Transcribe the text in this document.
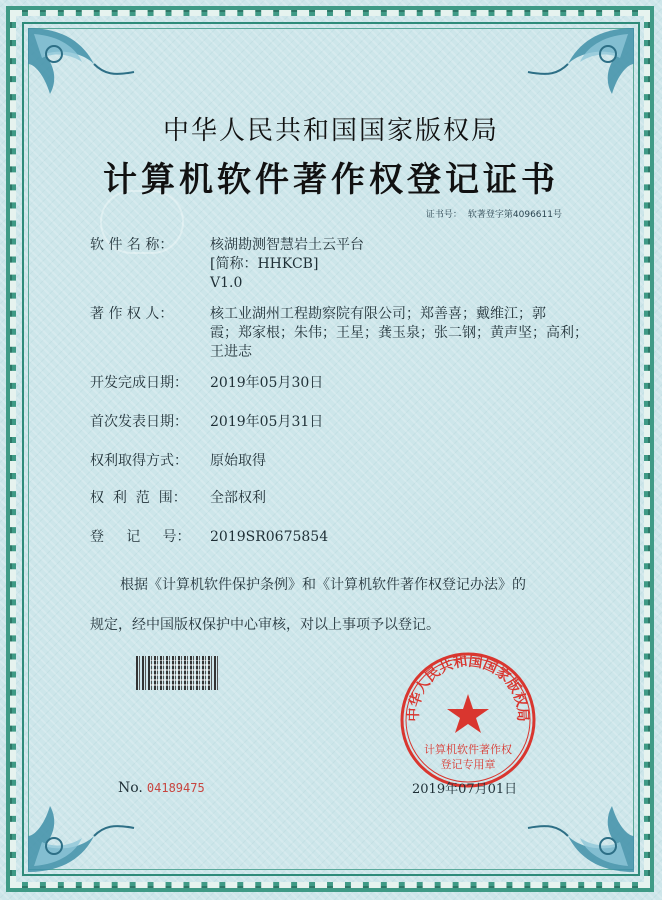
中华人民共和国国家版权局
计算机软件著作权登记证书
证书号： 软著登字第4096611号
软 件 名 称：	核湖勘测智慧岩土云平台
[简称：HHKCB]
V1.0
著 作 权 人：	核工业湖州工程勘察院有限公司；郑善喜；戴维江；郭
霞；郑家根；朱伟；王星；龚玉泉；张二钢；黄声坚；高利；
王进志
开发完成日期：	2019年05月30日
首次发表日期：	2019年05月31日
权利取得方式：	原始取得
权  利  范  围：	全部权利
登     记     号：	2019SR0675854
根据《计算机软件保护条例》和《计算机软件著作权登记办法》的
规定，经中国版权保护中心审核，对以上事项予以登记。
中华人民共和国国家版权局
计算机软件著作权
登记专用章
No. 04189475	2019年07月01日
